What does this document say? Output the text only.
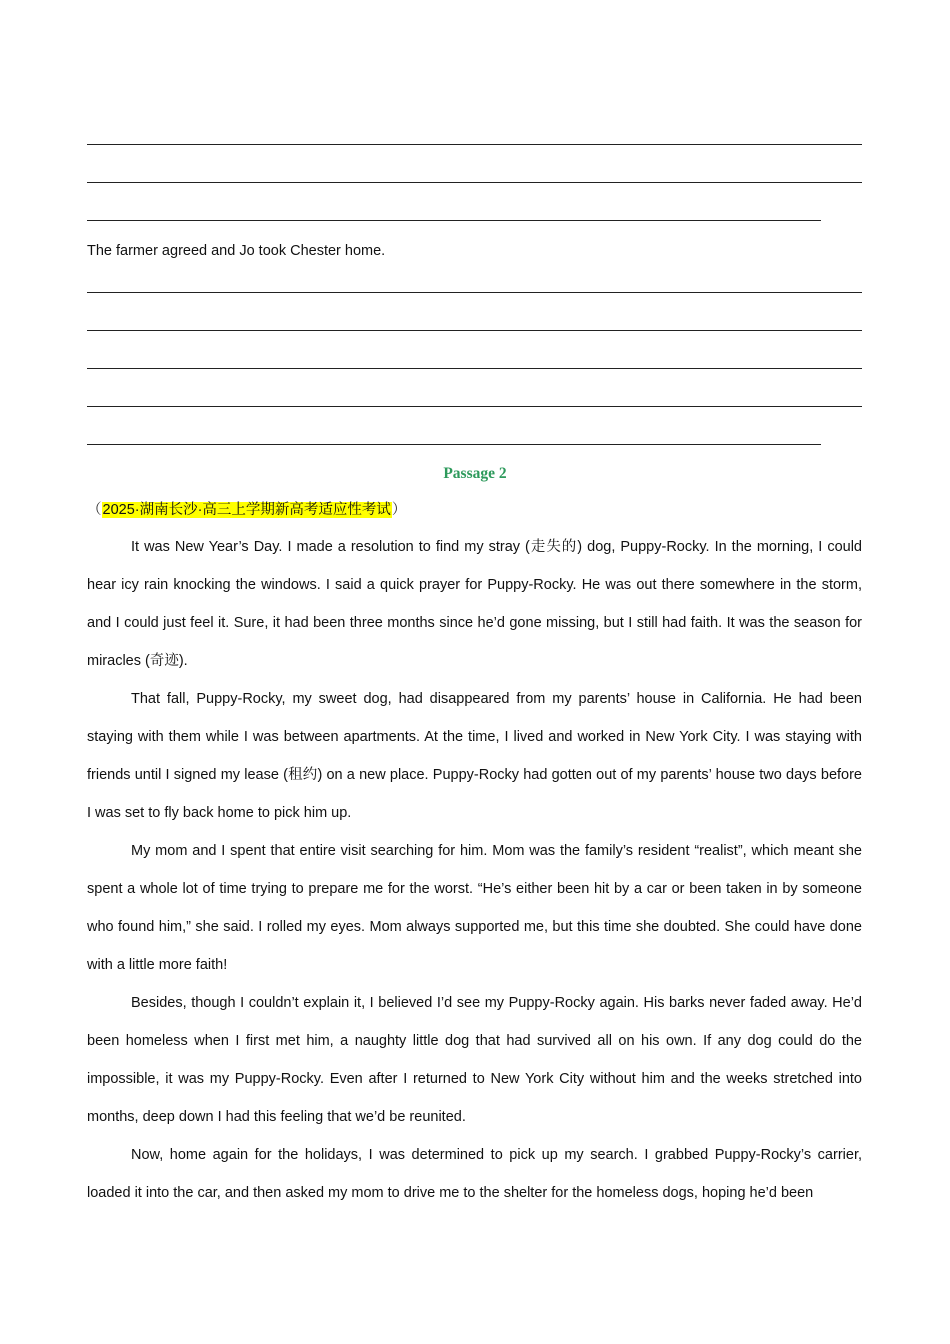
The farmer agreed and Jo took Chester home.
Passage 2
（2025·湖南长沙·高三上学期新高考适应性考试）

It was New Year’s Day. I made a resolution to find my stray (走失的) dog, Puppy-Rocky. In the morning, I could hear icy rain knocking the windows. I said a quick prayer for Puppy-Rocky. He was out there somewhere in the storm, and I could just feel it. Sure, it had been three months since he’d gone missing, but I still had faith. It was the season for miracles (奇迹).

That fall, Puppy-Rocky, my sweet dog, had disappeared from my parents’ house in California. He had been staying with them while I was between apartments. At the time, I lived and worked in New York City. I was staying with friends until I signed my lease (租约) on a new place. Puppy-Rocky had gotten out of my parents’ house two days before I was set to fly back home to pick him up.

My mom and I spent that entire visit searching for him. Mom was the family’s resident “realist”, which meant she spent a whole lot of time trying to prepare me for the worst. “He’s either been hit by a car or been taken in by someone who found him,” she said. I rolled my eyes. Mom always supported me, but this time she doubted. She could have done with a little more faith!

Besides, though I couldn’t explain it, I believed I’d see my Puppy-Rocky again. His barks never faded away. He’d been homeless when I first met him, a naughty little dog that had survived all on his own. If any dog could do the impossible, it was my Puppy-Rocky. Even after I returned to New York City without him and the weeks stretched into months, deep down I had this feeling that we’d be reunited.

Now, home again for the holidays, I was determined to pick up my search. I grabbed Puppy-Rocky’s carrier, loaded it into the car, and then asked my mom to drive me to the shelter for the homeless dogs, hoping he’d been
